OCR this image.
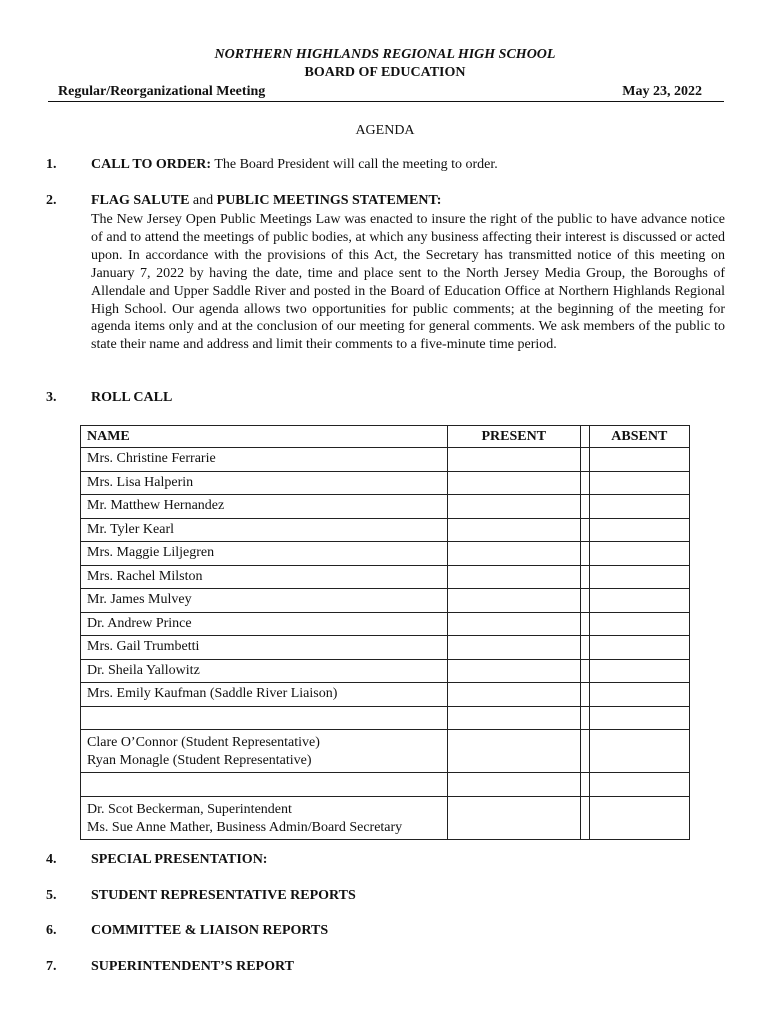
NORTHERN HIGHLANDS REGIONAL HIGH SCHOOL
BOARD OF EDUCATION
Regular/Reorganizational Meeting	May 23, 2022
AGENDA
1. CALL TO ORDER: The Board President will call the meeting to order.
2. FLAG SALUTE and PUBLIC MEETINGS STATEMENT:
The New Jersey Open Public Meetings Law was enacted to insure the right of the public to have advance notice of and to attend the meetings of public bodies, at which any business affecting their interest is discussed or acted upon. In accordance with the provisions of this Act, the Secretary has transmitted notice of this meeting on January 7, 2022 by having the date, time and place sent to the North Jersey Media Group, the Boroughs of Allendale and Upper Saddle River and posted in the Board of Education Office at Northern Highlands Regional High School. Our agenda allows two opportunities for public comments; at the beginning of the meeting for agenda items only and at the conclusion of our meeting for general comments. We ask members of the public to state their name and address and limit their comments to a five-minute time period.
3. ROLL CALL
NAME	PRESENT		ABSENT
Mrs. Christine Ferrarie			
Mrs. Lisa Halperin			
Mr. Matthew Hernandez			
Mr. Tyler Kearl			
Mrs. Maggie Liljegren			
Mrs. Rachel Milston			
Mr. James Mulvey			
Dr. Andrew Prince			
Mrs. Gail Trumbetti			
Dr. Sheila Yallowitz			
Mrs. Emily Kaufman (Saddle River Liaison)			

Clare O’Connor (Student Representative)
Ryan Monagle (Student Representative)			

Dr. Scot Beckerman, Superintendent
Ms. Sue Anne Mather, Business Admin/Board Secretary			

4. SPECIAL PRESENTATION:
5. STUDENT REPRESENTATIVE REPORTS
6. COMMITTEE & LIAISON REPORTS
7. SUPERINTENDENT’S REPORT
